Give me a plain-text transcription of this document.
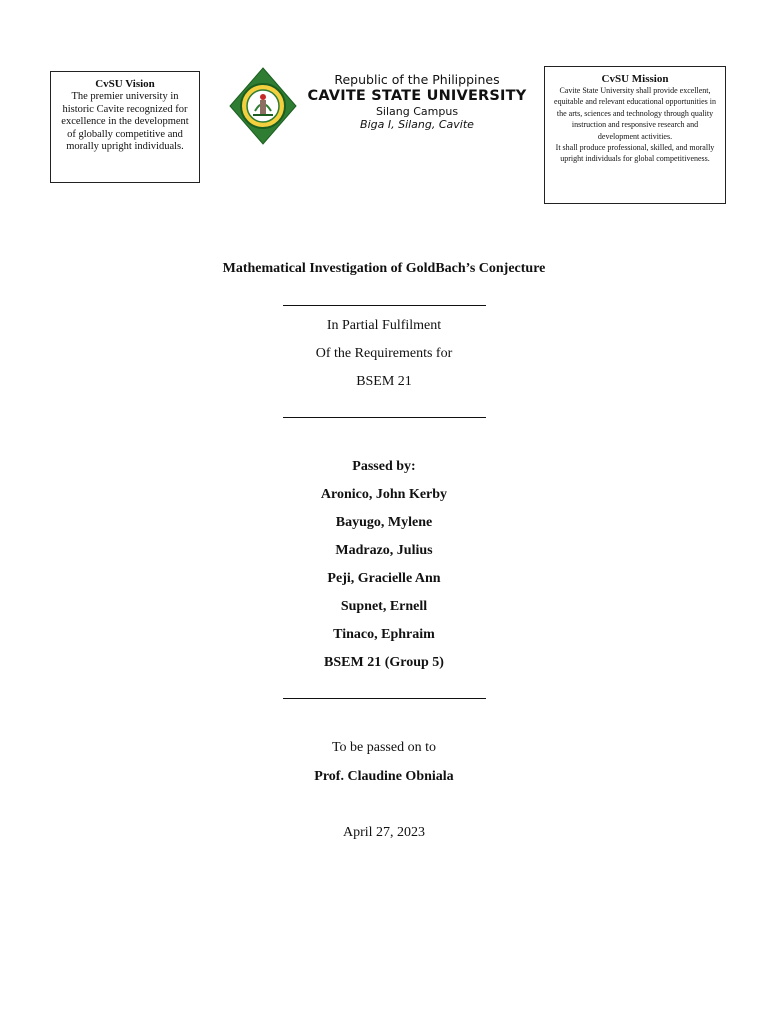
CvSU Vision
The premier university in historic Cavite recognized for excellence in the development of globally competitive and morally upright individuals.
Republic of the Philippines
CAVITE STATE UNIVERSITY
Silang Campus
Biga I, Silang, Cavite
CvSU Mission
Cavite State University shall provide excellent, equitable and relevant educational opportunities in the arts, sciences and technology through quality instruction and responsive research and development activities.
It shall produce professional, skilled, and morally upright individuals for global competitiveness.
Mathematical Investigation of GoldBach’s Conjecture
In Partial Fulfilment
Of the Requirements for
BSEM 21
Passed by:
Aronico, John Kerby
Bayugo, Mylene
Madrazo, Julius
Peji, Gracielle Ann
Supnet, Ernell
Tinaco, Ephraim
BSEM 21 (Group 5)
To be passed on to
Prof. Claudine Obniala
April 27, 2023
